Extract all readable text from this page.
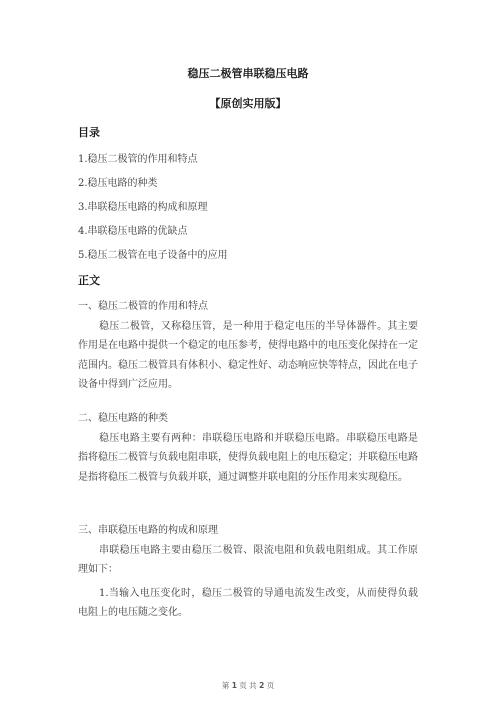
稳压二极管串联稳压电路
【原创实用版】
目录
1.稳压二极管的作用和特点
2.稳压电路的种类
3.串联稳压电路的构成和原理
4.串联稳压电路的优缺点
5.稳压二极管在电子设备中的应用
正文
一、稳压二极管的作用和特点

稳压二极管，又称稳压管，是一种用于稳定电压的半导体器件。其主要作用是在电路中提供一个稳定的电压参考，使得电路中的电压变化保持在一定范围内。稳压二极管具有体积小、稳定性好、动态响应快等特点，因此在电子设备中得到广泛应用。

二、稳压电路的种类

稳压电路主要有两种：串联稳压电路和并联稳压电路。串联稳压电路是指将稳压二极管与负载电阻串联，使得负载电阻上的电压稳定；并联稳压电路是指将稳压二极管与负载并联，通过调整并联电阻的分压作用来实现稳压。

三、串联稳压电路的构成和原理

串联稳压电路主要由稳压二极管、限流电阻和负载电阻组成。其工作原理如下：

1.当输入电压变化时，稳压二极管的导通电流发生改变，从而使得负载电阻上的电压随之变化。

第 1 页 共 2 页
